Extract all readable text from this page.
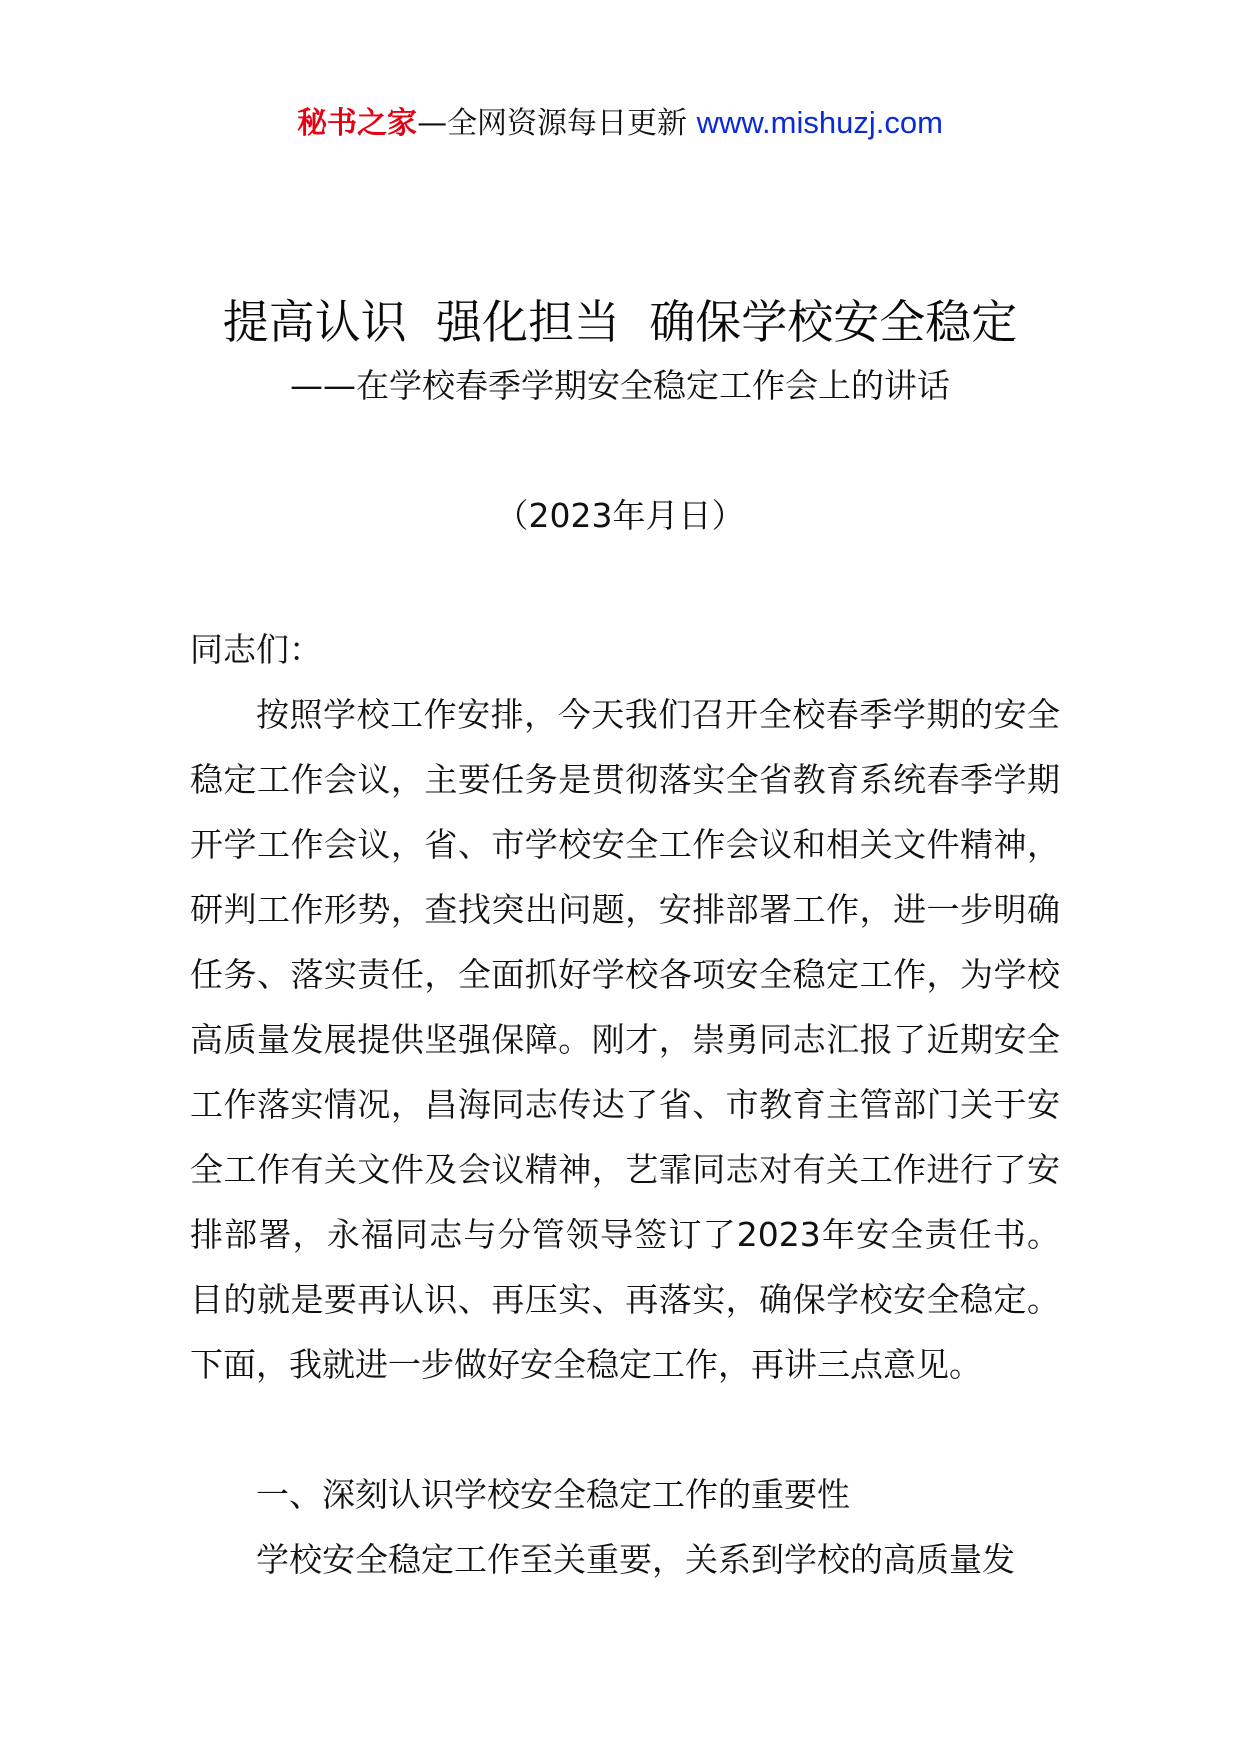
秘书之家—全网资源每日更新 www.mishuzj.com
提高认识  强化担当  确保学校安全稳定
——在学校春季学期安全稳定工作会上的讲话
（2023年月日）

同志们：

按照学校工作安排，今天我们召开全校春季学期的安全稳定工作会议，主要任务是贯彻落实全省教育系统春季学期开学工作会议，省、市学校安全工作会议和相关文件精神，研判工作形势，查找突出问题，安排部署工作，进一步明确任务、落实责任，全面抓好学校各项安全稳定工作，为学校高质量发展提供坚强保障。刚才，崇勇同志汇报了近期安全工作落实情况，昌海同志传达了省、市教育主管部门关于安全工作有关文件及会议精神，艺霏同志对有关工作进行了安排部署，永福同志与分管领导签订了2023年安全责任书。目的就是要再认识、再压实、再落实，确保学校安全稳定。下面，我就进一步做好安全稳定工作，再讲三点意见。

一、深刻认识学校安全稳定工作的重要性

学校安全稳定工作至关重要，关系到学校的高质量发
